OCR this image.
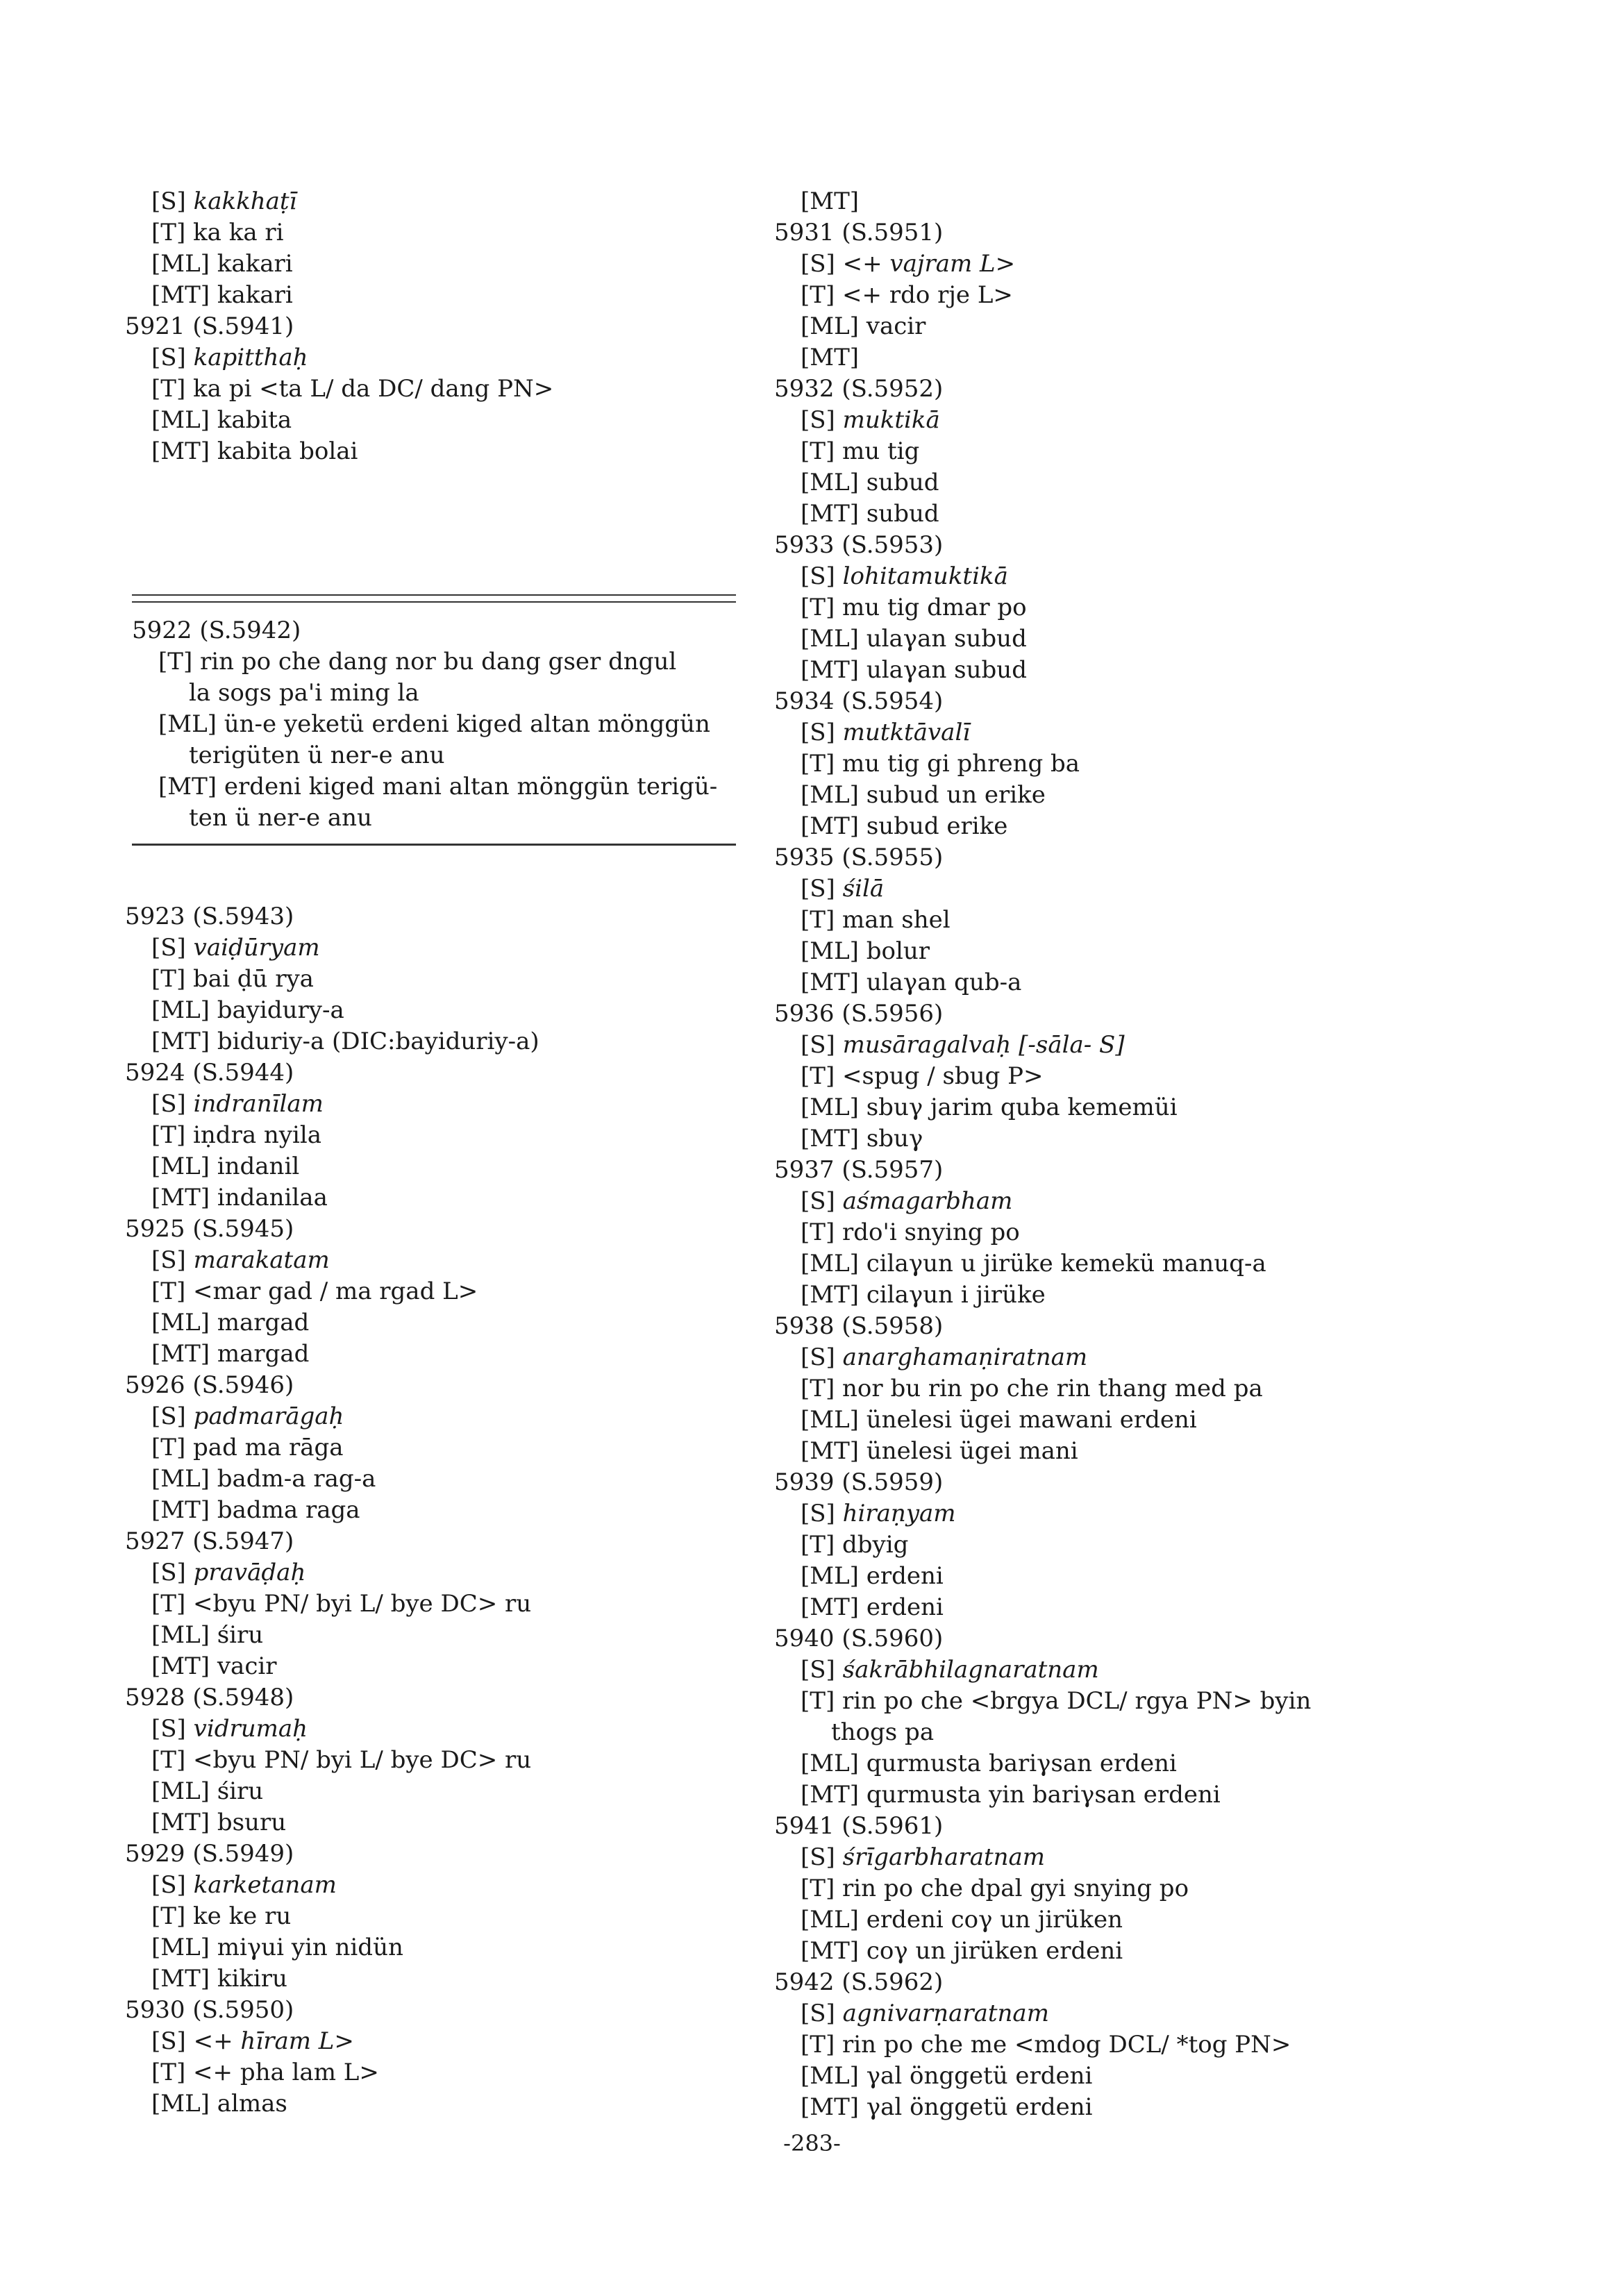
[S] kakkhaṭī
[T] ka ka ri
[ML] kakari
[MT] kakari
5921 (S.5941)
[S] kapitthaḥ
[T] ka pi <ta L/ da DC/ dang PN>
[ML] kabita
[MT] kabita bolai
5922 (S.5942)
[T] rin po che dang nor bu dang gser dngul
la sogs pa'i ming la
[ML] ün-e yeketü erdeni kiged altan mönggün
terigüten ü ner-e anu
[MT] erdeni kiged mani altan mönggün terigü-
ten ü ner-e anu
5923 (S.5943)
[S] vaiḍūryam
[T] bai ḍū rya
[ML] bayidury-a
[MT] biduriy-a (DIC:bayiduriy-a)
5924 (S.5944)
[S] indranīlam
[T] iṇdra nyila
[ML] indanil
[MT] indanilaa
5925 (S.5945)
[S] marakatam
[T] <mar gad / ma rgad L>
[ML] margad
[MT] margad
5926 (S.5946)
[S] padmarāgaḥ
[T] pad ma rāga
[ML] badm-a rag-a
[MT] badma raga
5927 (S.5947)
[S] pravāḍaḥ
[T] <byu PN/ byi L/ bye DC> ru
[ML] śiru
[MT] vacir
5928 (S.5948)
[S] vidrumaḥ
[T] <byu PN/ byi L/ bye DC> ru
[ML] śiru
[MT] bsuru
5929 (S.5949)
[S] karketanam
[T] ke ke ru
[ML] miγui yin nidün
[MT] kikiru
5930 (S.5950)
[S] <+ hīram L>
[T] <+ pha lam L>
[ML] almas
[MT]
5931 (S.5951)
[S] <+ vajram L>
[T] <+ rdo rje L>
[ML] vacir
[MT]
5932 (S.5952)
[S] muktikā
[T] mu tig
[ML] subud
[MT] subud
5933 (S.5953)
[S] lohitamuktikā
[T] mu tig dmar po
[ML] ulaγan subud
[MT] ulaγan subud
5934 (S.5954)
[S] mutktāvalī
[T] mu tig gi phreng ba
[ML] subud un erike
[MT] subud erike
5935 (S.5955)
[S] śilā
[T] man shel
[ML] bolur
[MT] ulaγan qub-a
5936 (S.5956)
[S] musāragalvaḥ [-sāla- S]
[T] <spug / sbug P>
[ML] sbuγ jarim quba kememüi
[MT] sbuγ
5937 (S.5957)
[S] aśmagarbham
[T] rdo'i snying po
[ML] cilaγun u jirüke kemekü manuq-a
[MT] cilaγun i jirüke
5938 (S.5958)
[S] anarghamaṇiratnam
[T] nor bu rin po che rin thang med pa
[ML] ünelesi ügei mawani erdeni
[MT] ünelesi ügei mani
5939 (S.5959)
[S] hiraṇyam
[T] dbyig
[ML] erdeni
[MT] erdeni
5940 (S.5960)
[S] śakrābhilagnaratnam
[T] rin po che <brgya DCL/ rgya PN> byin
thogs pa
[ML] qurmusta bariγsan erdeni
[MT] qurmusta yin bariγsan erdeni
5941 (S.5961)
[S] śrīgarbharatnam
[T] rin po che dpal gyi snying po
[ML] erdeni coγ un jirüken
[MT] coγ un jirüken erdeni
5942 (S.5962)
[S] agnivarṇaratnam
[T] rin po che me <mdog DCL/ *tog PN>
[ML] γal önggetü erdeni
[MT] γal önggetü erdeni
-283-
